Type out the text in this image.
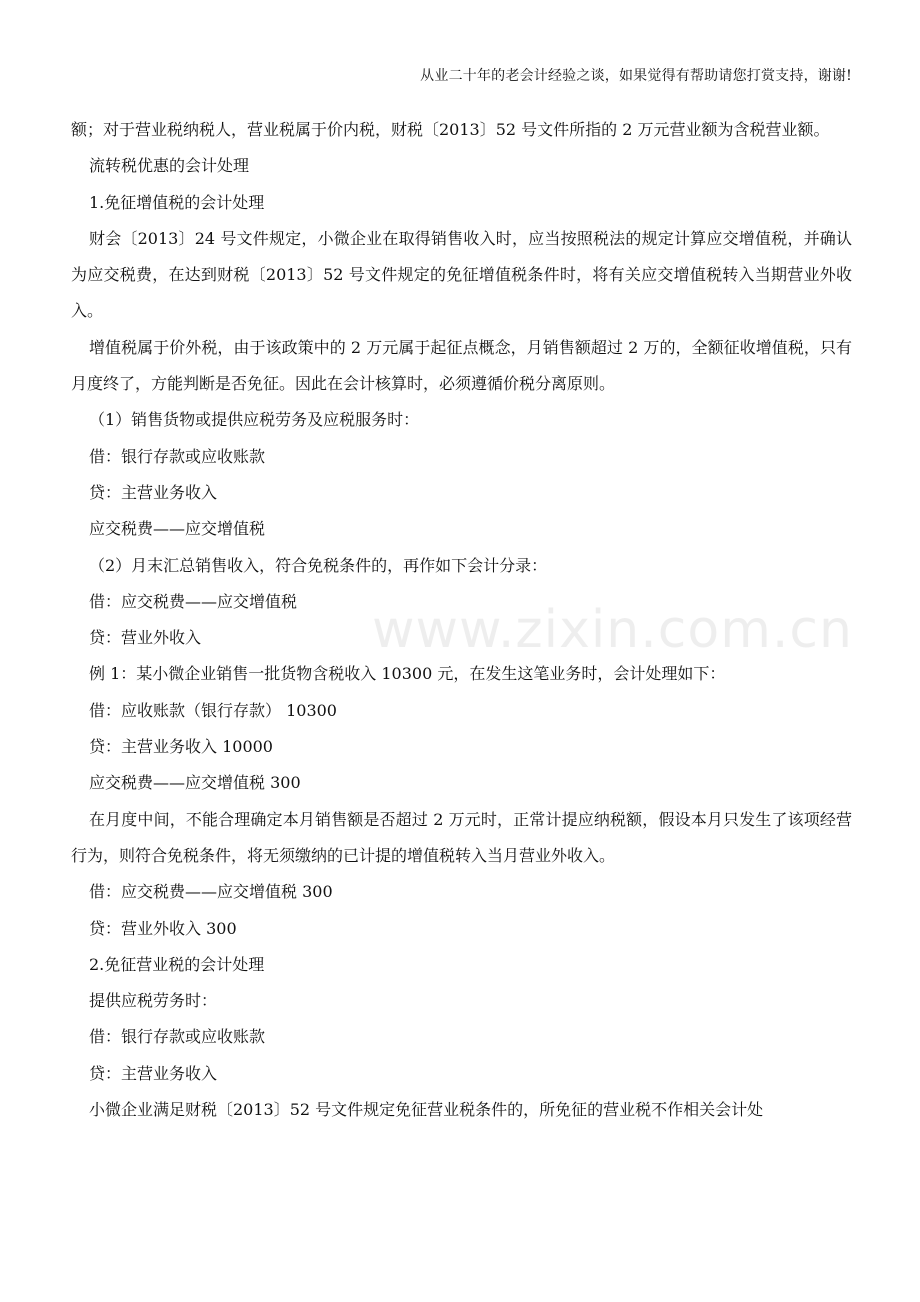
从业二十年的老会计经验之谈，如果觉得有帮助请您打赏支持，谢谢!
www.zixin.com.cn

额；对于营业税纳税人，营业税属于价内税，财税〔2013〕52 号文件所指的 2 万元营业额为含税营业额。

流转税优惠的会计处理

1.免征增值税的会计处理

财会〔2013〕24 号文件规定，小微企业在取得销售收入时，应当按照税法的规定计算应交增值税，并确认为应交税费，在达到财税〔2013〕52 号文件规定的免征增值税条件时，将有关应交增值税转入当期营业外收入。

增值税属于价外税，由于该政策中的 2 万元属于起征点概念，月销售额超过 2 万的，全额征收增值税，只有月度终了，方能判断是否免征。因此在会计核算时，必须遵循价税分离原则。

（1）销售货物或提供应税劳务及应税服务时：

借：银行存款或应收账款

贷：主营业务收入

应交税费——应交增值税

（2）月末汇总销售收入，符合免税条件的，再作如下会计分录：

借：应交税费——应交增值税

贷：营业外收入

例 1：某小微企业销售一批货物含税收入 10300 元，在发生这笔业务时，会计处理如下：

借：应收账款（银行存款） 10300

贷：主营业务收入 10000

应交税费——应交增值税 300

在月度中间，不能合理确定本月销售额是否超过 2 万元时，正常计提应纳税额，假设本月只发生了该项经营行为，则符合免税条件，将无须缴纳的已计提的增值税转入当月营业外收入。

借：应交税费——应交增值税 300

贷：营业外收入 300

2.免征营业税的会计处理

提供应税劳务时：

借：银行存款或应收账款

贷：主营业务收入

小微企业满足财税〔2013〕52 号文件规定免征营业税条件的，所免征的营业税不作相关会计处
